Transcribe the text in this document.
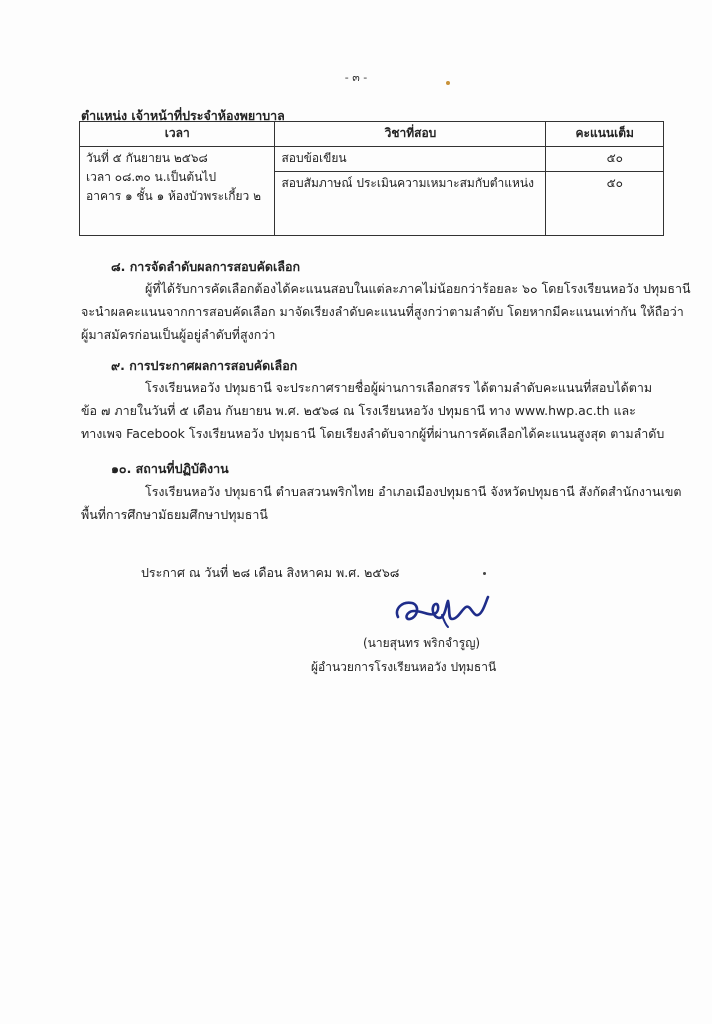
- ๓ -
ตำแหน่ง เจ้าหน้าที่ประจำห้องพยาบาล
เวลา	วิชาที่สอบ	คะแนนเต็ม

วันที่ ๕ กันยายน ๒๕๖๘
เวลา ๐๘.๓๐ น.เป็นต้นไป
อาคาร ๑ ชั้น ๑ ห้องบัวพระเกี้ยว ๒	สอบข้อเขียน	๕๐
	สอบสัมภาษณ์ ประเมินความเหมาะสมกับตำแหน่ง	๕๐
๘. การจัดลำดับผลการสอบคัดเลือก
ผู้ที่ได้รับการคัดเลือกต้องได้คะแนนสอบในแต่ละภาคไม่น้อยกว่าร้อยละ ๖๐ โดยโรงเรียนหอวัง ปทุมธานี
จะนำผลคะแนนจากการสอบคัดเลือก มาจัดเรียงลำดับคะแนนที่สูงกว่าตามลำดับ โดยหากมีคะแนนเท่ากัน ให้ถือว่า
ผู้มาสมัครก่อนเป็นผู้อยู่ลำดับที่สูงกว่า
๙. การประกาศผลการสอบคัดเลือก
โรงเรียนหอวัง ปทุมธานี จะประกาศรายชื่อผู้ผ่านการเลือกสรร ได้ตามลำดับคะแนนที่สอบได้ตาม
ข้อ ๗ ภายในวันที่ ๕ เดือน กันยายน พ.ศ. ๒๕๖๘ ณ โรงเรียนหอวัง ปทุมธานี ทาง www.hwp.ac.th และ
ทางเพจ Facebook โรงเรียนหอวัง ปทุมธานี โดยเรียงลำดับจากผู้ที่ผ่านการคัดเลือกได้คะแนนสูงสุด ตามลำดับ
๑๐. สถานที่ปฏิบัติงาน
โรงเรียนหอวัง ปทุมธานี ตำบลสวนพริกไทย อำเภอเมืองปทุมธานี จังหวัดปทุมธานี สังกัดสำนักงานเขต
พื้นที่การศึกษามัธยมศึกษาปทุมธานี
ประกาศ ณ วันที่ ๒๘ เดือน สิงหาคม พ.ศ. ๒๕๖๘
(นายสุนทร พริกจำรูญ)
ผู้อำนวยการโรงเรียนหอวัง ปทุมธานี
